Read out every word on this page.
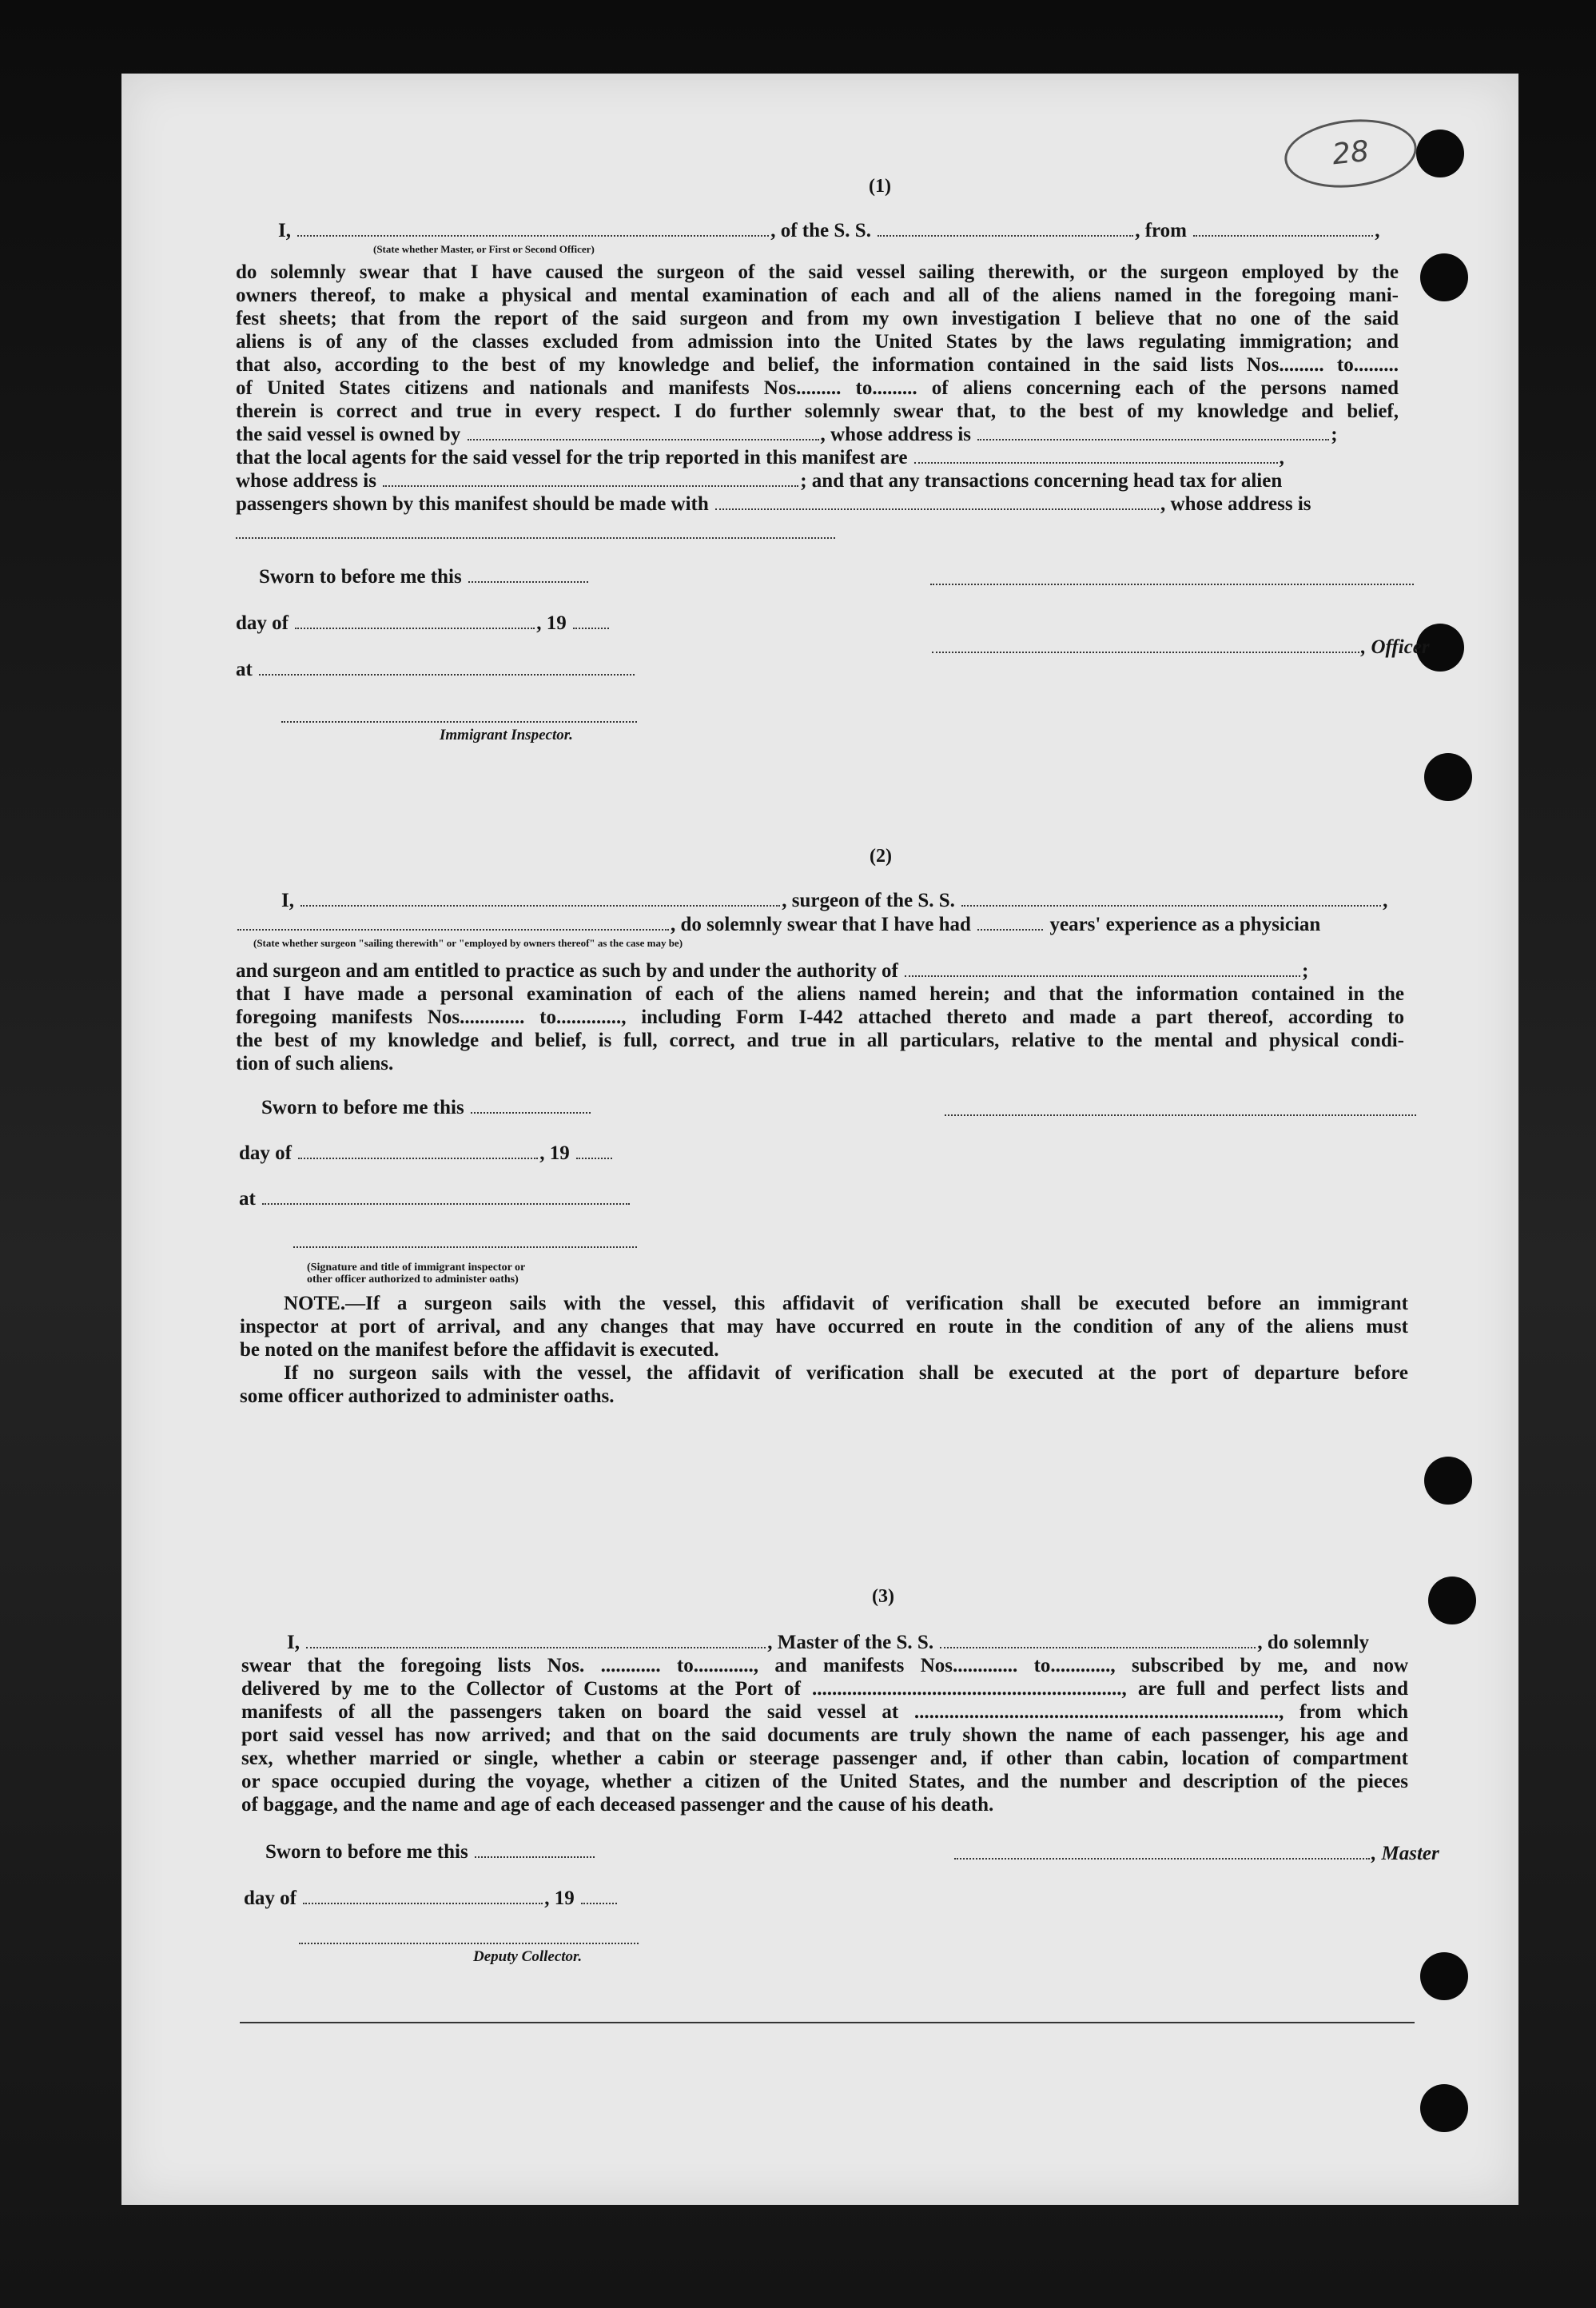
28
(1)
I,	, of the S. S.	, from	,
(State whether Master, or First or Second Officer)
do solemnly swear that I have caused the surgeon of the said vessel sailing therewith, or the surgeon employed by the
owners thereof, to make a physical and mental examination of each and all of the aliens named in the foregoing mani-
fest sheets; that from the report of the said surgeon and from my own investigation I believe that no one of the said
aliens is of any of the classes excluded from admission into the United States by the laws regulating immigration; and
that also, according to the best of my knowledge and belief, the information contained in the said lists Nos......... to.........
of United States citizens and nationals and manifests Nos......... to......... of aliens concerning each of the persons named
therein is correct and true in every respect. I do further solemnly swear that, to the best of my knowledge and belief,
the said vessel is owned by	, whose address is	;
that the local agents for the said vessel for the trip reported in this manifest are	,
whose address is	; and that any transactions concerning head tax for alien
passengers shown by this manifest should be made with	, whose address is
Sworn to before me this
day of	, 19
at
, Officer
Immigrant Inspector.
(2)
I,	, surgeon of the S. S.	,
, do solemnly swear that I have had	years' experience as a physician
(State whether surgeon "sailing therewith" or "employed by owners thereof" as the case may be)
and surgeon and am entitled to practice as such by and under the authority of	;
that I have made a personal examination of each of the aliens named herein; and that the information contained in the
foregoing manifests Nos............. to............., including Form I-442 attached thereto and made a part thereof, according to
the best of my knowledge and belief, is full, correct, and true in all particulars, relative to the mental and physical condi-
tion of such aliens.
Sworn to before me this
day of	, 19
at
(Signature and title of immigrant inspector or
other officer authorized to administer oaths)
NOTE.—If a surgeon sails with the vessel, this affidavit of verification shall be executed before an immigrant
inspector at port of arrival, and any changes that may have occurred en route in the condition of any of the aliens must
be noted on the manifest before the affidavit is executed.
If no surgeon sails with the vessel, the affidavit of verification shall be executed at the port of departure before
some officer authorized to administer oaths.
(3)
I,	, Master of the S. S.	, do solemnly
swear that the foregoing lists Nos. ............ to............, and manifests Nos............. to............, subscribed by me, and now
delivered by me to the Collector of Customs at the Port of .............................................................., are full and perfect lists and
manifests of all the passengers taken on board the said vessel at ........................................................................., from which
port said vessel has now arrived; and that on the said documents are truly shown the name of each passenger, his age and
sex, whether married or single, whether a cabin or steerage passenger and, if other than cabin, location of compartment
or space occupied during the voyage, whether a citizen of the United States, and the number and description of the pieces
of baggage, and the name and age of each deceased passenger and the cause of his death.
Sworn to before me this	, Master
day of	, 19
Deputy Collector.
